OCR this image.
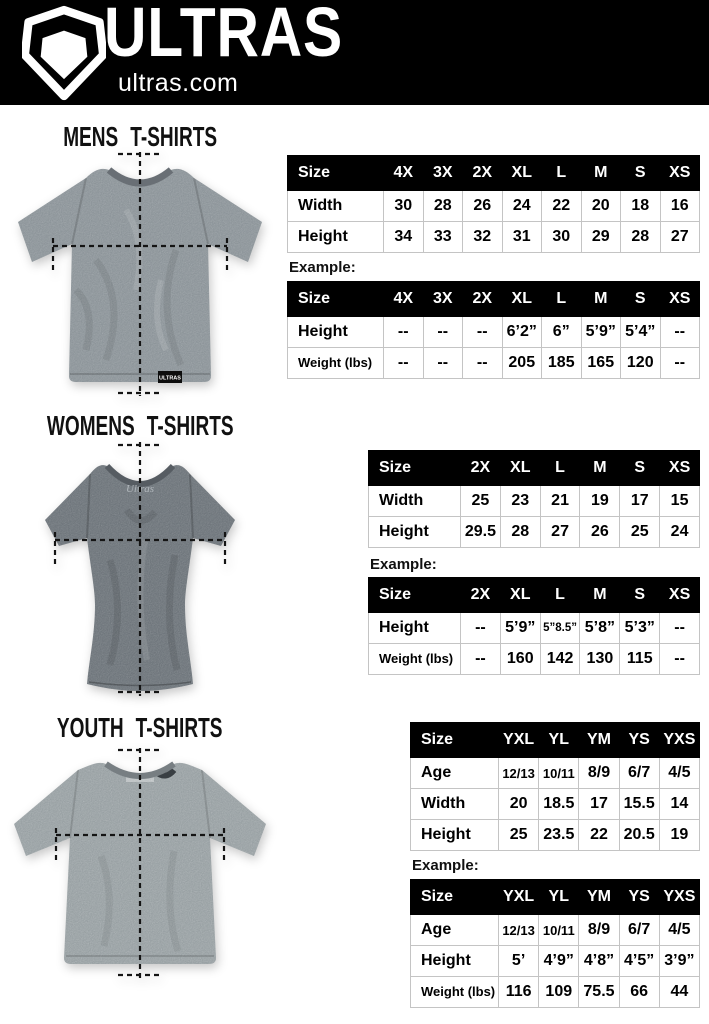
ULTRAS
ultras.com
MENS T-SHIRTS
ULTRAS
Size	4X	3X	2X	XL	L	M	S	XS
Width	30	28	26	24	22	20	18	16
Height	34	33	32	31	30	29	28	27
Example:
Size	4X	3X	2X	XL	L	M	S	XS
Height	--	--	--	6’2”	6”	5’9”	5’4”	--
Weight (lbs)	--	--	--	205	185	165	120	--
WOMENS T-SHIRTS
Ultras
Size	2X	XL	L	M	S	XS
Width	25	23	21	19	17	15
Height	29.5	28	27	26	25	24
Example:
Size	2X	XL	L	M	S	XS
Height	--	5’9”	5”8.5”	5’8”	5’3”	--
Weight (lbs)	--	160	142	130	115	--
YOUTH T-SHIRTS	Size	YXL	YL	YM	YS	YXS
Age	12/13	10/11	8/9	6/7	4/5
Width	20	18.5	17	15.5	14
Height	25	23.5	22	20.5	19
Example:
Size	YXL	YL	YM	YS	YXS
Age	12/13	10/11	8/9	6/7	4/5
Height	5’	4’9”	4’8”	4’5”	3’9”
Weight (lbs)	116	109	75.5	66	44
